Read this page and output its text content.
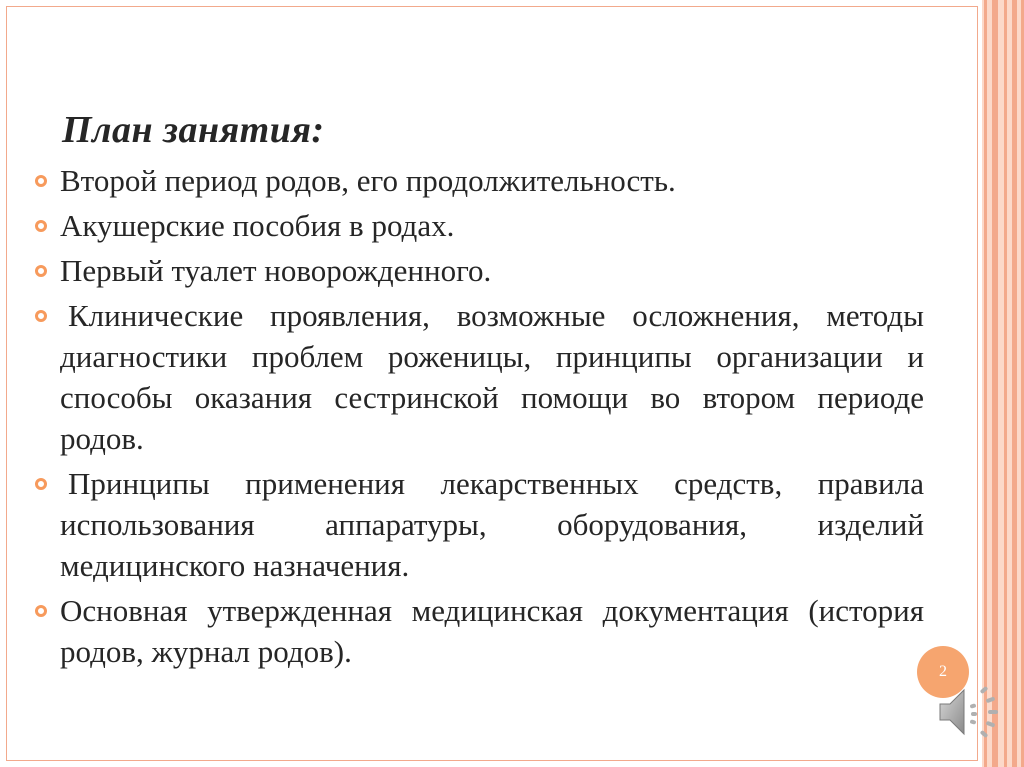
План занятия:
Второй период родов, его продолжительность.
Акушерские пособия в родах.
Первый туалет новорожденного.
Клинические проявления, возможные осложнения, методы диагностики проблем роженицы, принципы организации и способы оказания сестринской помощи во втором периоде родов.
Принципы применения лекарственных средств, правила использования аппаратуры, оборудования, изделий медицинского назначения.
Основная утвержденная медицинская документация (история родов, журнал родов).
2
